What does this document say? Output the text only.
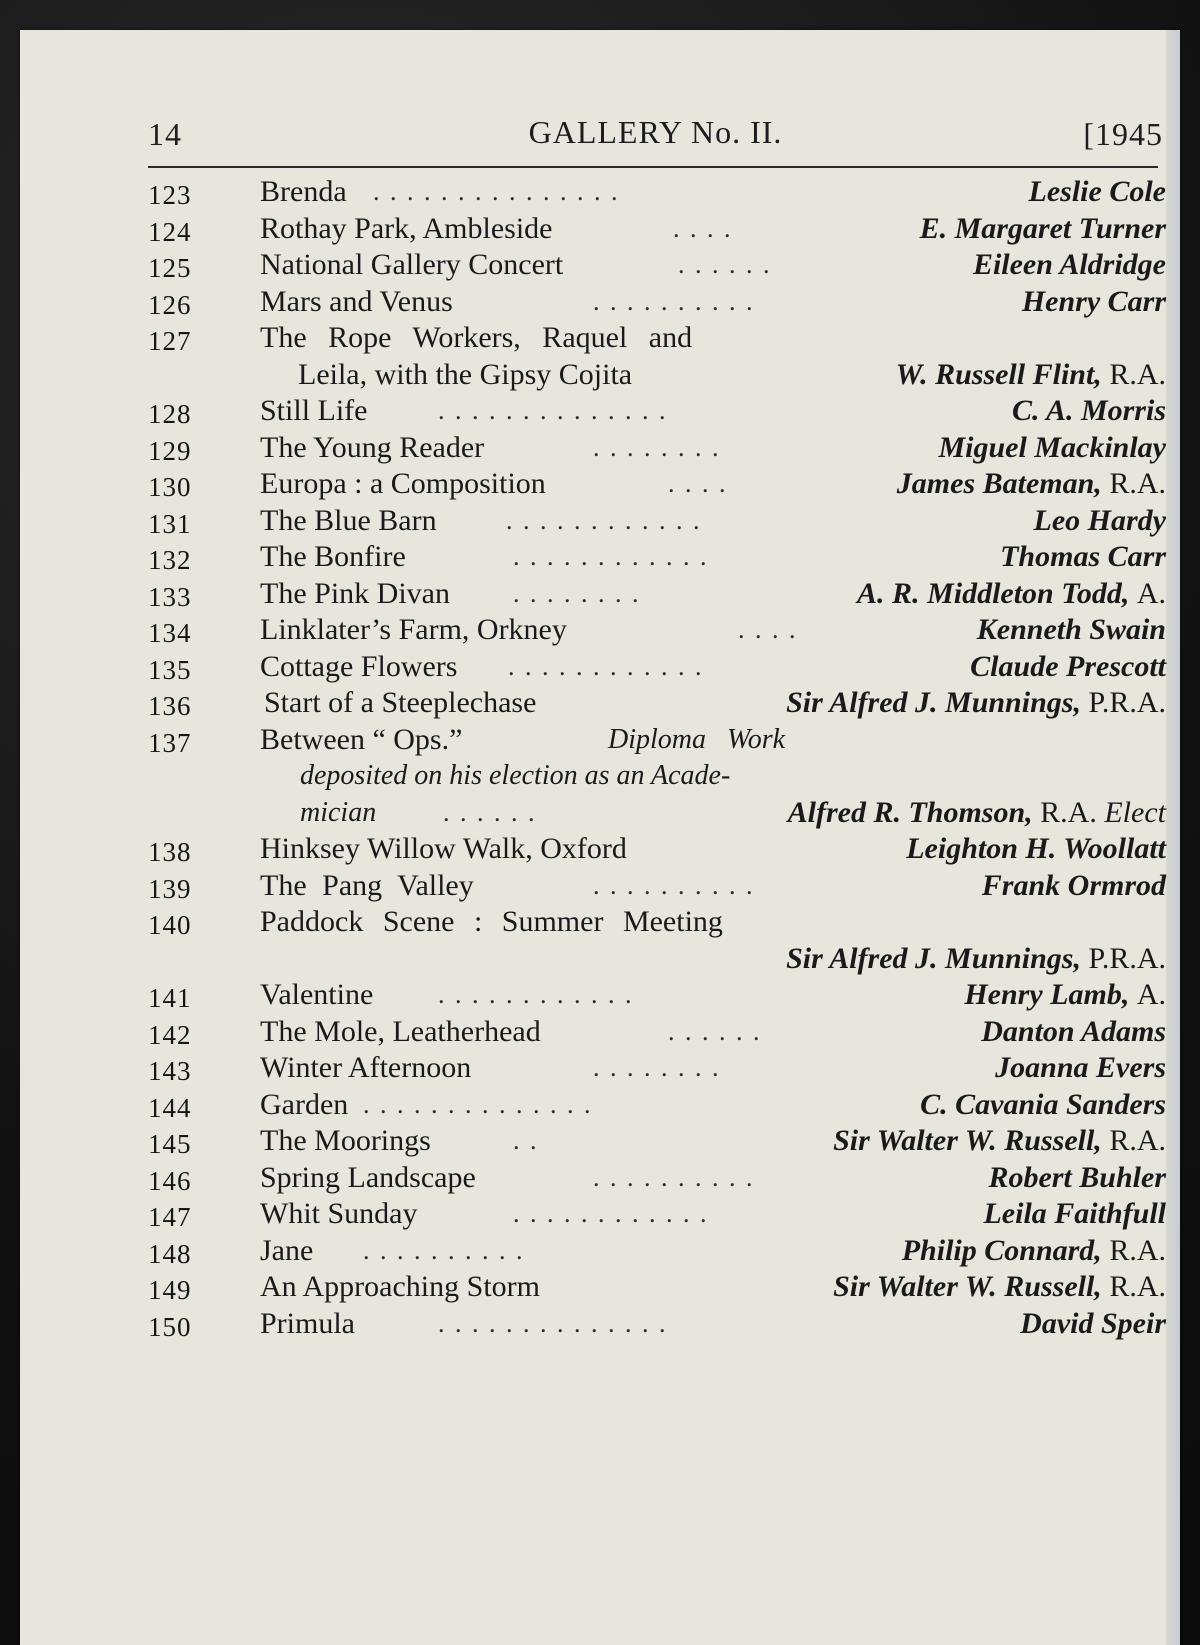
14	GALLERY No. II.	[1945
123 Brenda . . . . . . . . . . . . . . .	Leslie Cole
124 Rothay Park, Ambleside	. . . .	E. Margaret Turner
125 National Gallery Concert	. . . . . .	Eileen Aldridge
126 Mars and Venus	. . . . . . . . . .	Henry Carr
127 The Rope Workers, Raquel and
Leila, with the Gipsy Cojita	W. Russell Flint, R.A.
128 Still Life	. . . . . . . . . . . . . .	C. A. Morris
129 The Young Reader	. . . . . . . .	Miguel Mackinlay
130 Europa : a Composition	. . . .	James Bateman, R.A.
131 The Blue Barn	. . . . . . . . . . . .	Leo Hardy
132 The Bonfire	. . . . . . . . . . . .	Thomas Carr
133 The Pink Divan . . . . . . . .	A. R. Middleton Todd, A.
134 Linklater’s Farm, Orkney	. . . .	Kenneth Swain
135 Cottage Flowers . . . . . . . . . . . .	Claude Prescott
136 Start of a Steeplechase	Sir Alfred J. Munnings, P.R.A.
137 Between “ Ops.”	Diploma Work
deposited on his election as an Acade-
mician	. . . . . .	Alfred R. Thomson, R.A. Elect
138 Hinksey Willow Walk, Oxford	Leighton H. Woollatt
139 The Pang Valley	. . . . . . . . . .	Frank Ormrod
140 Paddock Scene : Summer Meeting
Sir Alfred J. Munnings, P.R.A.
141 Valentine . . . . . . . . . . . .	Henry Lamb, A.
142 The Mole, Leatherhead	. . . . . .	Danton Adams
143 Winter Afternoon	. . . . . . . .	Joanna Evers
144 Garden . . . . . . . . . . . . . .	C. Cavania Sanders
145 The Moorings	. .	Sir Walter W. Russell, R.A.
146 Spring Landscape	. . . . . . . . . .	Robert Buhler
147 Whit Sunday	. . . . . . . . . . . .	Leila Faithfull
148 Jane . . . . . . . . . .	Philip Connard, R.A.
149 An Approaching Storm	Sir Walter W. Russell, R.A.
150 Primula	. . . . . . . . . . . . . .	David Speir
